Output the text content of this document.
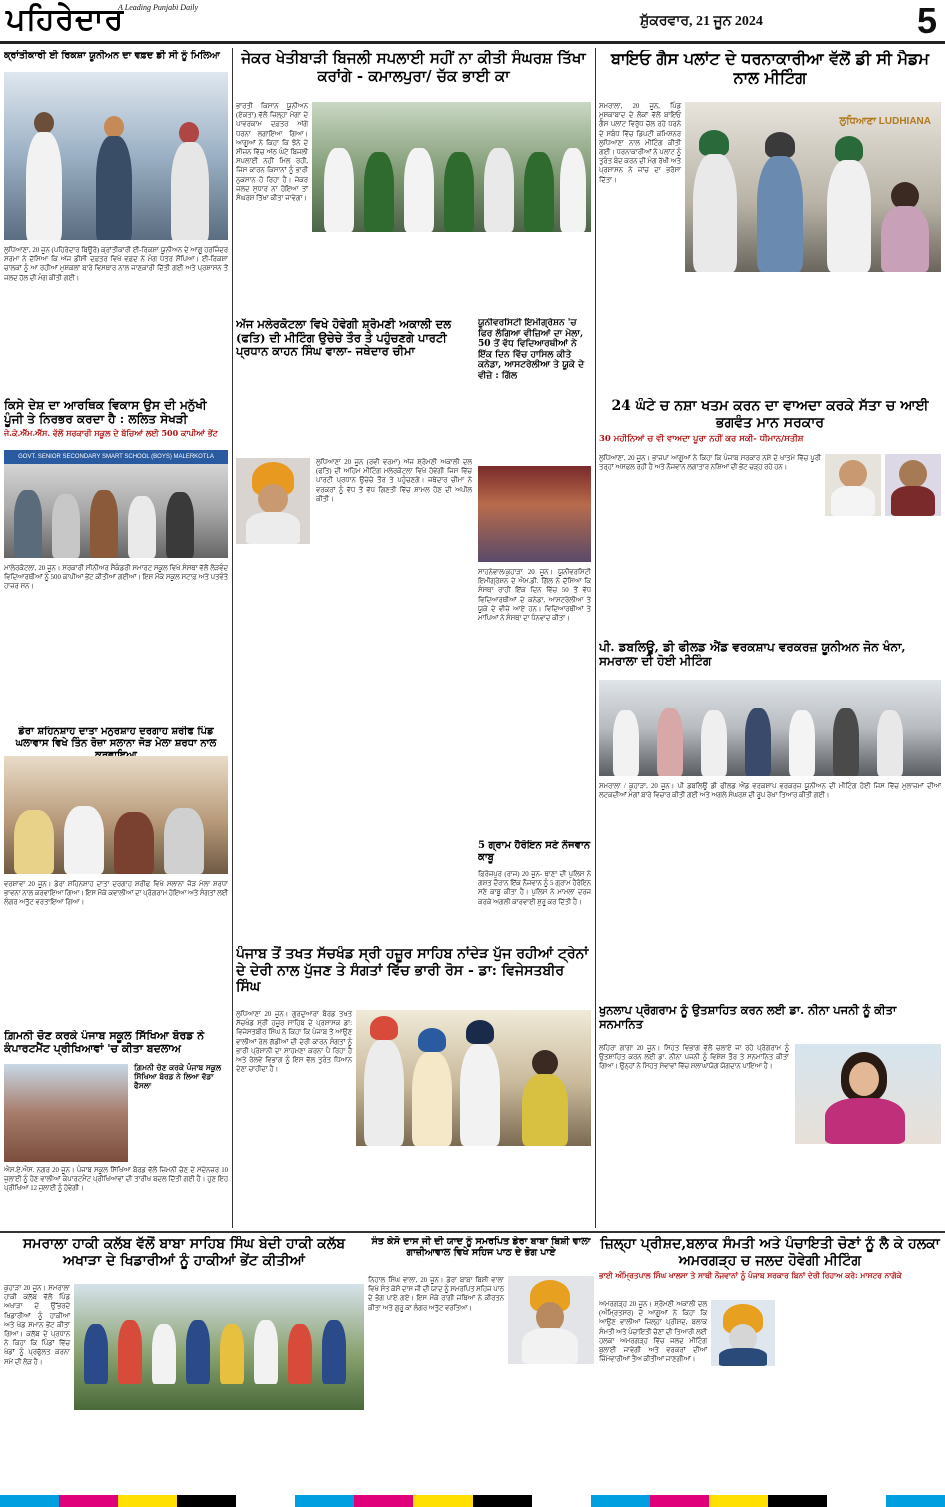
ਪਹਿਰੇਦਾਰ
A Leading Punjabi Daily
ਸ਼ੁੱਕਰਵਾਰ, 21 ਜੂਨ 2024	5
ਕ੍ਰਾਂਤੀਕਾਰੀ ਈ ਰਿਕਸ਼ਾ ਯੂਨੀਅਨ ਦਾ ਵਫ਼ਦ ਡੀ ਸੀ ਨੂੰ ਮਿਲਿਆ
ਲੁਧਿਆਣਾ, 20 ਜੂਨ (ਪਹਿਰੇਦਾਰ ਬਿਊਰੋ) ਕ੍ਰਾਂਤੀਕਾਰੀ ਈ-ਰਿਕਸ਼ਾ ਯੂਨੀਅਨ ਦੇ ਆਗੂ ਹਰਜਿੰਦਰ ਸਰਮਾ ਨੇ ਦੱਸਿਆ ਕਿ ਅੱਜ ਡੀਸੀ ਦਫ਼ਤਰ ਵਿਖੇ ਵਫ਼ਦ ਨੇ ਮੰਗ ਪੱਤਰ ਸੌਂਪਿਆ। ਈ-ਰਿਕਸ਼ਾ ਚਾਲਕਾਂ ਨੂੰ ਆ ਰਹੀਆਂ ਮੁਸ਼ਕਲਾਂ ਬਾਰੇ ਵਿਸਥਾਰ ਨਾਲ ਜਾਣਕਾਰੀ ਦਿੱਤੀ ਗਈ ਅਤੇ ਪ੍ਰਸ਼ਾਸਨ ਤੋਂ ਜਲਦ ਹੱਲ ਦੀ ਮੰਗ ਕੀਤੀ ਗਈ।
ਕਿਸੇ ਦੇਸ਼ ਦਾ ਆਰਥਿਕ ਵਿਕਾਸ ਉਸ ਦੀ ਮਨੁੱਖੀ ਪੂੰਜੀ ਤੇ ਨਿਰਭਰ ਕਰਦਾ ਹੈ : ਲਲਿਤ ਸੇਖੜੀ
ਜੇ.ਕੇ.ਐੱਮ.ਐੱਸ. ਵੱਲੋਂ ਸਰਕਾਰੀ ਸਕੂਲ ਦੇ ਬੱਚਿਆਂ ਲਈ 500 ਕਾਪੀਆਂ ਭੇਂਟ
GOVT. SENIOR SECONDARY SMART SCHOOL (BOYS) MALERKOTLA
ਮਾਲੇਰਕੋਟਲਾ, 20 ਜੂਨ। ਸਰਕਾਰੀ ਸੀਨੀਅਰ ਸੈਕੰਡਰੀ ਸਮਾਰਟ ਸਕੂਲ ਵਿਖੇ ਸੰਸਥਾ ਵੱਲੋਂ ਲੋੜਵੰਦ ਵਿਦਿਆਰਥੀਆਂ ਨੂੰ 500 ਕਾਪੀਆਂ ਭੇਂਟ ਕੀਤੀਆਂ ਗਈਆਂ। ਇਸ ਮੌਕੇ ਸਕੂਲ ਸਟਾਫ਼ ਅਤੇ ਪਤਵੰਤੇ ਹਾਜ਼ਰ ਸਨ।
ਡੇਰਾ ਸ਼ਹਿਨਸ਼ਾਹ ਦਾਤਾ ਮਨੁਰਸ਼ਾਹ ਦਰਗਾਹ ਸ਼ਰੀਫ ਪਿੰਡ ਘਲਾਵਾਸ ਵਿਖੇ ਤਿੰਨ ਰੋਜ਼ਾ ਸਲਾਨਾ ਜੋੜ ਮੇਲਾ ਸ਼ਰਧਾ ਨਾਲ
ਵਰਸ਼ਾਵਾ 20 ਜੂਨ। ਡੇਰਾ ਸ਼ਹਿਨਸ਼ਾਹ ਦਾਤਾ ਦਰਗਾਹ ਸ਼ਰੀਫ ਵਿਖੇ ਸਲਾਨਾ ਜੋੜ ਮੇਲਾ ਸ਼ਰਧਾ ਭਾਵਨਾ ਨਾਲ ਕਰਵਾਇਆ ਗਿਆ। ਇਸ ਮੌਕੇ ਕਵਾਲੀਆਂ ਦਾ ਪ੍ਰੋਗਰਾਮ ਹੋਇਆ ਅਤੇ ਸੰਗਤਾਂ ਲਈ ਲੰਗਰ ਅਤੁੱਟ ਵਰਤਾਇਆ ਗਿਆ।
ਗ਼ਿਮਨੀ ਚੋਣ ਕਰਕੇ ਪੰਜਾਬ ਸਕੂਲ ਸਿੱਖਿਆ ਬੋਰਡ ਨੇ ਕੰਪਾਰਟਮੈਂਟ ਪ੍ਰੀਖਿਆਵਾਂ 'ਚ ਕੀਤਾ ਬਦਲਾਅ
ਗ਼ਿਮਨੀ ਚੋਣ ਕਰਕੇ ਪੰਜਾਬ ਸਕੂਲ ਸਿੱਖਿਆ ਬੋਰਡ ਨੇ ਲਿਆ ਵੱਡਾ ਫੈਸਲਾ
ਐਸ.ਏ.ਐਸ. ਨਗਰ 20 ਜੂਨ। ਪੰਜਾਬ ਸਕੂਲ ਸਿੱਖਿਆ ਬੋਰਡ ਵੱਲੋਂ ਜ਼ਿਮਨੀ ਚੋਣ ਦੇ ਮੱਦੇਨਜ਼ਰ 10 ਜੁਲਾਈ ਨੂੰ ਹੋਣ ਵਾਲੀਆਂ ਕੰਪਾਰਟਮੈਂਟ ਪ੍ਰੀਖਿਆਵਾਂ ਦੀ ਤਾਰੀਖ ਬਦਲ ਦਿੱਤੀ ਗਈ ਹੈ। ਹੁਣ ਇਹ ਪ੍ਰੀਖਿਆ 12 ਜੁਲਾਈ ਨੂੰ ਹੋਵੇਗੀ।
ਜੇਕਰ ਖੇਤੀਬਾੜੀ ਬਿਜਲੀ ਸਪਲਾਈ ਸਹੀਂ ਨਾ ਕੀਤੀ ਸੰਘਰਸ਼ ਤਿੱਖਾ ਕਰਾਂਗੇ - ਕਮਾਲਪੁਰਾ/ ਚੱਕ ਭਾਈ ਕਾ
ਭਾਰਤੀ ਕਿਸਾਨ ਯੂਨੀਅਨ (ਏਕਤਾ) ਵੱਲੋਂ ਜ਼ਿਲ੍ਹਾ ਮੋਗਾ ਦੇ ਪਾਵਰਕਾਮ ਦਫ਼ਤਰ ਅੱਗੇ ਧਰਨਾ ਲਗਾਇਆ ਗਿਆ। ਆਗੂਆਂ ਨੇ ਕਿਹਾ ਕਿ ਝੋਨੇ ਦੇ ਸੀਜ਼ਨ ਵਿੱਚ ਅੱਠ ਘੰਟੇ ਬਿਜਲੀ ਸਪਲਾਈ ਨਹੀਂ ਮਿਲ ਰਹੀ, ਜਿਸ ਕਾਰਨ ਕਿਸਾਨਾਂ ਨੂੰ ਭਾਰੀ ਨੁਕਸਾਨ ਹੋ ਰਿਹਾ ਹੈ। ਜੇਕਰ ਜਲਦ ਸੁਧਾਰ ਨਾ ਹੋਇਆ ਤਾਂ ਸੰਘਰਸ਼ ਤਿੱਖਾ ਕੀਤਾ ਜਾਵੇਗਾ।
ਅੱਜ ਮਲੇਰਕੋਟਲਾ ਵਿਖੇ ਹੋਵੇਗੀ ਸ਼੍ਰੋਮਣੀ ਅਕਾਲੀ ਦਲ (ਫਤਿ) ਦੀ ਮੀਟਿੰਗ ਉਚੇਚੇ ਤੌਰ ਤੇ ਪਹੁੰਚਣਗੇ ਪਾਰਟੀ ਪ੍ਰਧਾਨ ਕਾਹਨ ਸਿੰਘ ਵਾਲਾ- ਜਥੇਦਾਰ ਚੀਮਾ
ਲੁਧਿਆਣਾ 20 ਜੂਨ (ਰਵੀ ਵਰਮਾ) ਅੱਜ ਸ਼੍ਰੋਮਣੀ ਅਕਾਲੀ ਦਲ (ਫਤਿ) ਦੀ ਅਹਿਮ ਮੀਟਿੰਗ ਮਲੇਰਕੋਟਲਾ ਵਿਖੇ ਹੋਵੇਗੀ ਜਿਸ ਵਿੱਚ ਪਾਰਟੀ ਪ੍ਰਧਾਨ ਉਚੇਚੇ ਤੌਰ ਤੇ ਪਹੁੰਚਣਗੇ। ਜਥੇਦਾਰ ਚੀਮਾ ਨੇ ਵਰਕਰਾਂ ਨੂੰ ਵੱਧ ਤੋਂ ਵੱਧ ਗਿਣਤੀ ਵਿੱਚ ਸ਼ਾਮਲ ਹੋਣ ਦੀ ਅਪੀਲ ਕੀਤੀ।
ਯੂਨੀਵਰਸਿਟੀ ਇਮੀਗ੍ਰੇਸ਼ਨ 'ਚ ਫਿਰ ਲੱਗਿਆ ਵੀਜ਼ਿਆਂ ਦਾ ਮੇਲਾ, 50 ਤੋਂ ਵੱਧ ਵਿਦਿਆਰਥੀਆਂ ਨੇ ਇੱਕ ਦਿਨ ਵਿੱਚ ਹਾਸਿਲ ਕੀਤੇ ਕਨੇਡਾ, ਆਸਟਰੇਲੀਆ ਤੇ ਯੂਕੇ ਦੇ ਵੀਜ਼ੇ : ਗਿੱਲ
ਸਾਹਨੇਵਾਲ/ਕੁਹਾੜਾ 20 ਜੂਨ। ਯੂਨੀਵਰਸਿਟੀ ਇਮੀਗ੍ਰੇਸ਼ਨ ਦੇ ਐਮ.ਡੀ. ਗਿੱਲ ਨੇ ਦੱਸਿਆ ਕਿ ਸੰਸਥਾ ਰਾਹੀਂ ਇੱਕ ਦਿਨ ਵਿੱਚ 50 ਤੋਂ ਵੱਧ ਵਿਦਿਆਰਥੀਆਂ ਦੇ ਕਨੇਡਾ, ਆਸਟਰੇਲੀਆ ਤੇ ਯੂਕੇ ਦੇ ਵੀਜ਼ੇ ਆਏ ਹਨ। ਵਿਦਿਆਰਥੀਆਂ ਤੇ ਮਾਪਿਆਂ ਨੇ ਸੰਸਥਾ ਦਾ ਧੰਨਵਾਦ ਕੀਤਾ।
5 ਗ੍ਰਾਮ ਹੈਰੋਇਨ ਸਣੇ ਨੌਜਵਾਨ ਕਾਬੂ
ਫ਼ਿਰੋਜ਼ਪੁਰ (ਰਾਜ) 20 ਜੂਨ- ਥਾਣਾ ਦੀ ਪੁਲਿਸ ਨੇ ਗਸ਼ਤ ਦੌਰਾਨ ਇੱਕ ਨੌਜਵਾਨ ਨੂੰ 5 ਗ੍ਰਾਮ ਹੈਰੋਇਨ ਸਣੇ ਕਾਬੂ ਕੀਤਾ ਹੈ। ਪੁਲਿਸ ਨੇ ਮਾਮਲਾ ਦਰਜ ਕਰਕੇ ਅਗਲੀ ਕਾਰਵਾਈ ਸ਼ੁਰੂ ਕਰ ਦਿੱਤੀ ਹੈ।
ਬਾਇਓ ਗੈਸ ਪਲਾਂਟ ਦੇ ਧਰਨਾਕਾਰੀਆ ਵੱਲੋਂ ਡੀ ਸੀ ਮੈਡਮ ਨਾਲ ਮੀਟਿੰਗ
ਲੁਧਿਆਣਾ LUDHIANA
ਸਮਰਾਲਾ, 20 ਜੂਨ, ਪਿੰਡ ਮੁਸ਼ਕਾਬਾਦ ਦੇ ਲੋਕਾਂ ਵੱਲੋਂ ਬਾਇਓ ਗੈਸ ਪਲਾਂਟ ਵਿਰੁੱਧ ਚੱਲ ਰਹੇ ਧਰਨੇ ਦੇ ਸਬੰਧ ਵਿੱਚ ਡਿਪਟੀ ਕਮਿਸ਼ਨਰ ਲੁਧਿਆਣਾ ਨਾਲ ਮੀਟਿੰਗ ਕੀਤੀ ਗਈ। ਧਰਨਾਕਾਰੀਆਂ ਨੇ ਪਲਾਂਟ ਨੂੰ ਤੁਰੰਤ ਬੰਦ ਕਰਨ ਦੀ ਮੰਗ ਰੱਖੀ ਅਤੇ ਪ੍ਰਸ਼ਾਸਨ ਨੇ ਜਾਂਚ ਦਾ ਭਰੋਸਾ ਦਿੱਤਾ।
24 ਘੰਟੇ ਚ ਨਸ਼ਾ ਖਤਮ ਕਰਨ ਦਾ ਵਾਅਦਾ ਕਰਕੇ ਸੱਤਾ ਚ ਆਈ ਭਗਵੰਤ ਮਾਨ ਸਰਕਾਰ
30 ਮਹੀਨਿਆਂ ਚ ਵੀ ਵਾਅਦਾ ਪੂਰਾ ਨਹੀਂ ਕਰ ਸਕੀ- ਧੀਮਾਨ/ਸਤੀਸ਼
ਲੁਧਿਆਣਾ, 20 ਜੂਨ। ਭਾਜਪਾ ਆਗੂਆਂ ਨੇ ਕਿਹਾ ਕਿ ਪੰਜਾਬ ਸਰਕਾਰ ਨਸ਼ੇ ਦੇ ਖਾਤਮੇ ਵਿੱਚ ਪੂਰੀ ਤਰ੍ਹਾਂ ਅਸਫਲ ਰਹੀ ਹੈ ਅਤੇ ਨੌਜਵਾਨ ਲਗਾਤਾਰ ਨਸ਼ਿਆਂ ਦੀ ਭੇਂਟ ਚੜ੍ਹ ਰਹੇ ਹਨ।
ਪੀ. ਡਬਲਿਊ, ਡੀ ਫੀਲਡ ਐਂਡ ਵਰਕਸ਼ਾਪ ਵਰਕਰਜ਼ ਯੂਨੀਅਨ ਜੋਨ ਖੰਨਾ, ਸਮਰਾਲਾ ਦੀ ਹੋਈ ਮੀਟਿੰਗ
ਸਮਰਾਲਾ / ਕੁਹਾੜਾ, 20 ਜੂਨ। ਪੀ ਡਬਲਿਊ ਡੀ ਫੀਲਡ ਐਂਡ ਵਰਕਸ਼ਾਪ ਵਰਕਰਜ਼ ਯੂਨੀਅਨ ਦੀ ਮੀਟਿੰਗ ਹੋਈ ਜਿਸ ਵਿੱਚ ਮੁਲਾਜ਼ਮਾਂ ਦੀਆਂ ਲਟਕਦੀਆਂ ਮੰਗਾਂ ਬਾਰੇ ਵਿਚਾਰ ਕੀਤੀ ਗਈ ਅਤੇ ਅਗਲੇ ਸੰਘਰਸ਼ ਦੀ ਰੂਪ ਰੇਖਾ ਤਿਆਰ ਕੀਤੀ ਗਈ।
ਪੰਜਾਬ ਤੋਂ ਤਖਤ ਸੱਚਖੰਡ ਸ੍ਰੀ ਹਜ਼ੂਰ ਸਾਹਿਬ ਨਾਂਦੇੜ ਪੁੱਜ ਰਹੀਆਂ ਟ੍ਰੇਨਾਂ ਦੇ ਦੇਰੀ ਨਾਲ ਪੁੱਜਣ ਤੇ ਸੰਗਤਾਂ ਵਿੱਚ ਭਾਰੀ ਰੋਸ - ਡਾ: ਵਿਜੇਸਤਬੀਰ ਸਿੰਘ
ਲੁਧਿਆਣਾ 20 ਜੂਨ। ਗੁਰਦੁਆਰਾ ਬੋਰਡ ਤਖਤ ਸੱਚਖੰਡ ਸ੍ਰੀ ਹਜ਼ੂਰ ਸਾਹਿਬ ਦੇ ਪ੍ਰਸ਼ਾਸਕ ਡਾ: ਵਿਜੇਸਤਬੀਰ ਸਿੰਘ ਨੇ ਕਿਹਾ ਕਿ ਪੰਜਾਬ ਤੋਂ ਆਉਣ ਵਾਲੀਆਂ ਰੇਲ ਗੱਡੀਆਂ ਦੀ ਦੇਰੀ ਕਾਰਨ ਸੰਗਤਾਂ ਨੂੰ ਭਾਰੀ ਪ੍ਰੇਸ਼ਾਨੀ ਦਾ ਸਾਹਮਣਾ ਕਰਨਾ ਪੈ ਰਿਹਾ ਹੈ ਅਤੇ ਰੇਲਵੇ ਵਿਭਾਗ ਨੂੰ ਇਸ ਵੱਲ ਤੁਰੰਤ ਧਿਆਨ ਦੇਣਾ ਚਾਹੀਦਾ ਹੈ।
ਖੁਨਲਾਪ ਪ੍ਰੋਗਰਾਮ ਨੂੰ ਉਤਸ਼ਾਹਿਤ ਕਰਨ ਲਈ ਡਾ. ਨੀਨਾ ਪਜਨੀ ਨੂੰ ਕੀਤਾ ਸਨਮਾਨਿਤ
ਲਹਿਰਾ ਗਾਗਾ 20 ਜੂਨ। ਸਿਹਤ ਵਿਭਾਗ ਵੱਲੋਂ ਚਲਾਏ ਜਾ ਰਹੇ ਪ੍ਰੋਗਰਾਮ ਨੂੰ ਉਤਸ਼ਾਹਿਤ ਕਰਨ ਲਈ ਡਾ. ਨੀਨਾ ਪਜਨੀ ਨੂੰ ਵਿਸ਼ੇਸ਼ ਤੌਰ ਤੇ ਸਨਮਾਨਿਤ ਕੀਤਾ ਗਿਆ। ਉਨ੍ਹਾਂ ਨੇ ਸਿਹਤ ਸੇਵਾਵਾਂ ਵਿੱਚ ਸ਼ਲਾਘਾਯੋਗ ਯੋਗਦਾਨ ਪਾਇਆ ਹੈ।
ਸਮਰਾਲਾ ਹਾਕੀ ਕਲੱਬ ਵੱਲੋਂ ਬਾਬਾ ਸਾਹਿਬ ਸਿੰਘ ਬੇਦੀ ਹਾਕੀ ਕਲੱਬ ਅਖਾੜਾ ਦੇ ਖਿਡਾਰੀਆਂ ਨੂੰ ਹਾਕੀਆਂ ਭੇਂਟ ਕੀਤੀਆਂ
ਕੁਹਾੜਾ 20 ਜੂਨ। ਸਮਰਾਲਾ ਹਾਕੀ ਕਲੱਬ ਵੱਲੋਂ ਪਿੰਡ ਅਖਾੜਾ ਦੇ ਉੱਭਰਦੇ ਖਿਡਾਰੀਆਂ ਨੂੰ ਹਾਕੀਆਂ ਅਤੇ ਖੇਡ ਸਮਾਨ ਭੇਂਟ ਕੀਤਾ ਗਿਆ। ਕਲੱਬ ਦੇ ਪ੍ਰਧਾਨ ਨੇ ਕਿਹਾ ਕਿ ਪਿੰਡਾਂ ਵਿੱਚ ਖੇਡਾਂ ਨੂੰ ਪ੍ਰਫੁੱਲਤ ਕਰਨਾ ਸਮੇਂ ਦੀ ਲੋੜ ਹੈ।
ਸੰਤ ਕੇਸੋ ਦਾਸ ਜੀ ਦੀ ਯਾਦ ਨੂੰ ਸਮਰਪਿਤ ਡੇਰਾ ਬਾਬਾ ਬਿਸ਼ੀ ਵਾਲਾ ਗਾਜ਼ੀਆਵਾਲ ਵਿਖੇ ਸਹਿਜ ਪਾਠ ਦੇ ਭੋਗ ਪਾਏ
ਨਿਹਾਲ ਸਿੰਘ ਵਾਲਾ, 20 ਜੂਨ। ਡੇਰਾ ਬਾਬਾ ਬਿਸ਼ੀ ਵਾਲਾ ਵਿਖੇ ਸੰਤ ਕੇਸੋ ਦਾਸ ਜੀ ਦੀ ਯਾਦ ਨੂੰ ਸਮਰਪਿਤ ਸਹਿਜ ਪਾਠ ਦੇ ਭੋਗ ਪਾਏ ਗਏ। ਇਸ ਮੌਕੇ ਰਾਗੀ ਜਥਿਆਂ ਨੇ ਕੀਰਤਨ ਕੀਤਾ ਅਤੇ ਗੁਰੂ ਕਾ ਲੰਗਰ ਅਤੁੱਟ ਵਰਤਿਆ।
ਜ਼ਿਲ੍ਹਾ ਪ੍ਰੀਸ਼ਦ,ਬਲਾਕ ਸੰਮਤੀ ਅਤੇ ਪੰਚਾਇਤੀ ਚੋਣਾਂ ਨੂੰ ਲੈ ਕੇ ਹਲਕਾ ਅਮਰਗੜ੍ਹ ਚ ਜਲਦ ਹੋਵੇਗੀ ਮੀਟਿੰਗ
ਭਾਈ ਅੰਮ੍ਰਿਤਪਾਲ ਸਿੰਘ ਖਾਲਸਾ ਤੇ ਸਾਥੀ ਨੌਜਵਾਨਾਂ ਨੂੰ ਪੰਜਾਬ ਸਰਕਾਰ ਬਿਨਾਂ ਦੇਰੀ ਰਿਹਾਅ ਕਰੇ: ਮਾਸਟਰ ਨਾਗੋਕੇ
ਅਮਰਗੜ੍ਹ 20 ਜੂਨ। ਸ਼੍ਰੋਮਣੀ ਅਕਾਲੀ ਦਲ (ਅੰਮ੍ਰਿਤਸਰ) ਦੇ ਆਗੂਆਂ ਨੇ ਕਿਹਾ ਕਿ ਆਉਣ ਵਾਲੀਆਂ ਜ਼ਿਲ੍ਹਾ ਪ੍ਰੀਸ਼ਦ, ਬਲਾਕ ਸੰਮਤੀ ਅਤੇ ਪੰਚਾਇਤੀ ਚੋਣਾਂ ਦੀ ਤਿਆਰੀ ਲਈ ਹਲਕਾ ਅਮਰਗੜ੍ਹ ਵਿੱਚ ਜਲਦ ਮੀਟਿੰਗ ਬੁਲਾਈ ਜਾਵੇਗੀ ਅਤੇ ਵਰਕਰਾਂ ਦੀਆਂ ਜ਼ਿੰਮੇਵਾਰੀਆਂ ਤੈਅ ਕੀਤੀਆਂ ਜਾਣਗੀਆਂ।
